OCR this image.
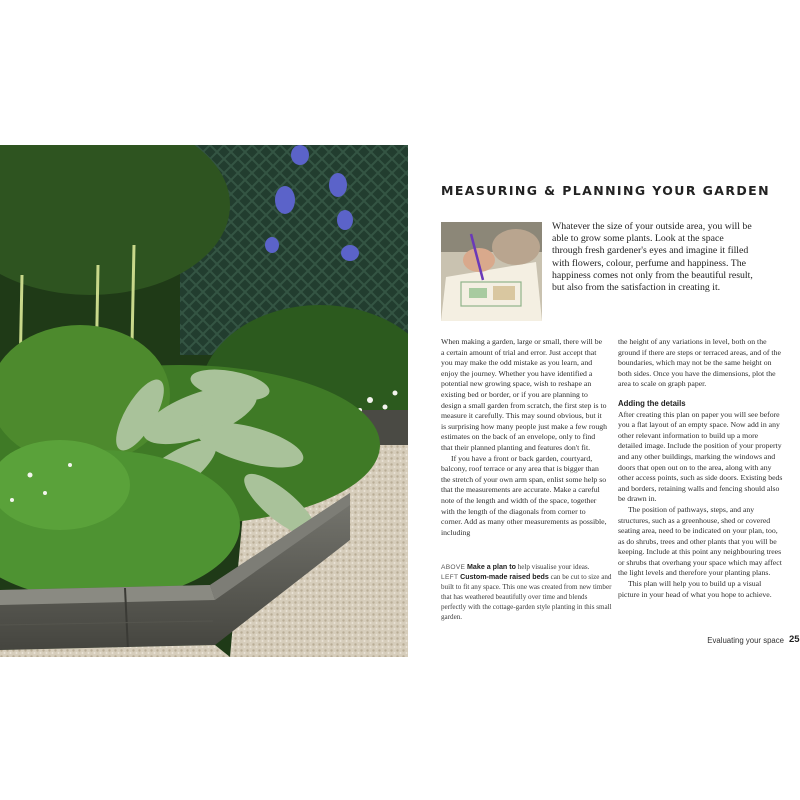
MEASURING & PLANNING YOUR GARDEN

Whatever the size of your outside area, you will be able to grow some plants. Look at the space through fresh gardener's eyes and imagine it filled with flowers, colour, perfume and happiness. The happiness comes not only from the beautiful result, but also from the satisfaction in creating it.

When making a garden, large or small, there will be a certain amount of trial and error. Just accept that you may make the odd mistake as you learn, and enjoy the journey. Whether you have identified a potential new growing space, wish to reshape an existing bed or border, or if you are planning to design a small garden from scratch, the first step is to measure it carefully. This may sound obvious, but it is surprising how many people just make a few rough estimates on the back of an envelope, only to find that their planned planting and features don't fit.

If you have a front or back garden, courtyard, balcony, roof terrace or any area that is bigger than the stretch of your own arm span, enlist some help so that the measurements are accurate. Make a careful note of the length and width of the space, together with the length of the diagonals from corner to corner. Add as many other measurements as possible, including

ABOVE Make a plan to help visualise your ideas.
LEFT Custom-made raised beds can be cut to size and built to fit any space. This one was created from new timber that has weathered beautifully over time and blends perfectly with the cottage-garden style planting in this small garden.

the height of any variations in level, both on the ground if there are steps or terraced areas, and of the boundaries, which may not be the same height on both sides. Once you have the dimensions, plot the area to scale on graph paper.

Adding the details

After creating this plan on paper you will see before you a flat layout of an empty space. Now add in any other relevant information to build up a more detailed image. Include the position of your property and any other buildings, marking the windows and doors that open out on to the area, along with any other access points, such as side doors. Existing beds and borders, retaining walls and fencing should also be drawn in.

The position of pathways, steps, and any structures, such as a greenhouse, shed or covered seating area, need to be indicated on your plan, too, as do shrubs, trees and other plants that you will be keeping. Include at this point any neighbouring trees or shrubs that overhang your space which may affect the light levels and therefore your planting plans.

This plan will help you to build up a visual picture in your head of what you hope to achieve.

Evaluating your space 25
